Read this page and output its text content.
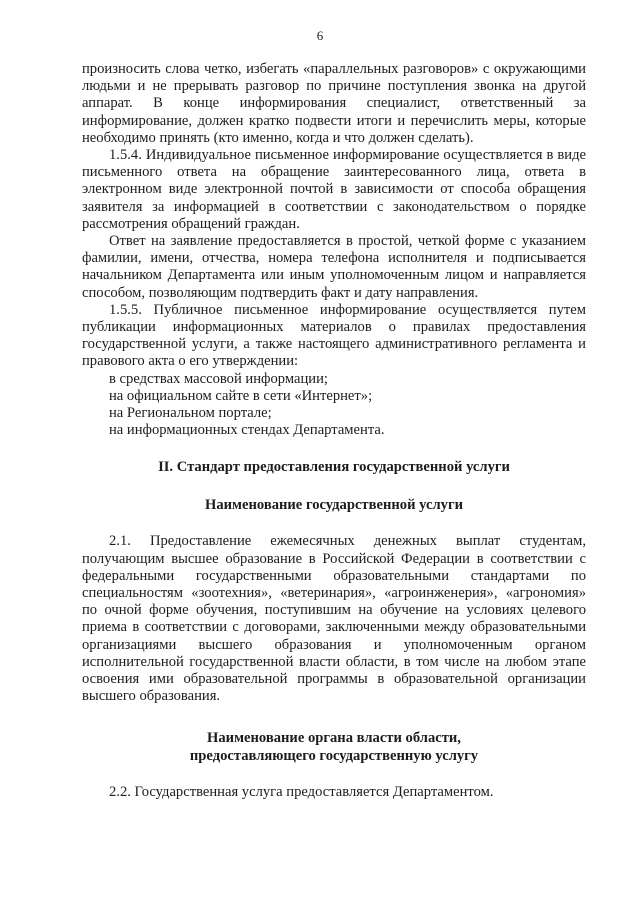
6

произносить слова четко, избегать «параллельных разговоров» с окружающими людьми и не прерывать разговор по причине поступления звонка на другой аппарат. В конце информирования специалист, ответственный за информирование, должен кратко подвести итоги и перечислить меры, которые необходимо принять (кто именно, когда и что должен сделать).

1.5.4. Индивидуальное письменное информирование осуществляется в виде письменного ответа на обращение заинтересованного лица, ответа в электронном виде электронной почтой в зависимости от способа обращения заявителя за информацией в соответствии с законодательством о порядке рассмотрения обращений граждан.

Ответ на заявление предоставляется в простой, четкой форме с указанием фамилии, имени, отчества, номера телефона исполнителя и подписывается начальником Департамента или иным уполномоченным лицом и направляется способом, позволяющим подтвердить факт и дату направления.

1.5.5. Публичное письменное информирование осуществляется путем публикации информационных материалов о правилах предоставления государственной услуги, а также настоящего административного регламента и правового акта о его утверждении:

в средствах массовой информации;

на официальном сайте в сети «Интернет»;

на Региональном портале;

на информационных стендах Департамента.

II. Стандарт предоставления государственной услуги

Наименование государственной услуги

2.1. Предоставление ежемесячных денежных выплат студентам, получающим высшее образование в Российской Федерации в соответствии с федеральными государственными образовательными стандартами по специальностям «зоотехния», «ветеринария», «агроинженерия», «агрономия» по очной форме обучения, поступившим на обучение на условиях целевого приема в соответствии с договорами, заключенными между образовательными организациями высшего образования и уполномоченным органом исполнительной государственной власти области, в том числе на любом этапе освоения ими образовательной программы в образовательной организации высшего образования.

Наименование органа власти области,

предоставляющего государственную услугу

2.2. Государственная услуга предоставляется Департаментом.
